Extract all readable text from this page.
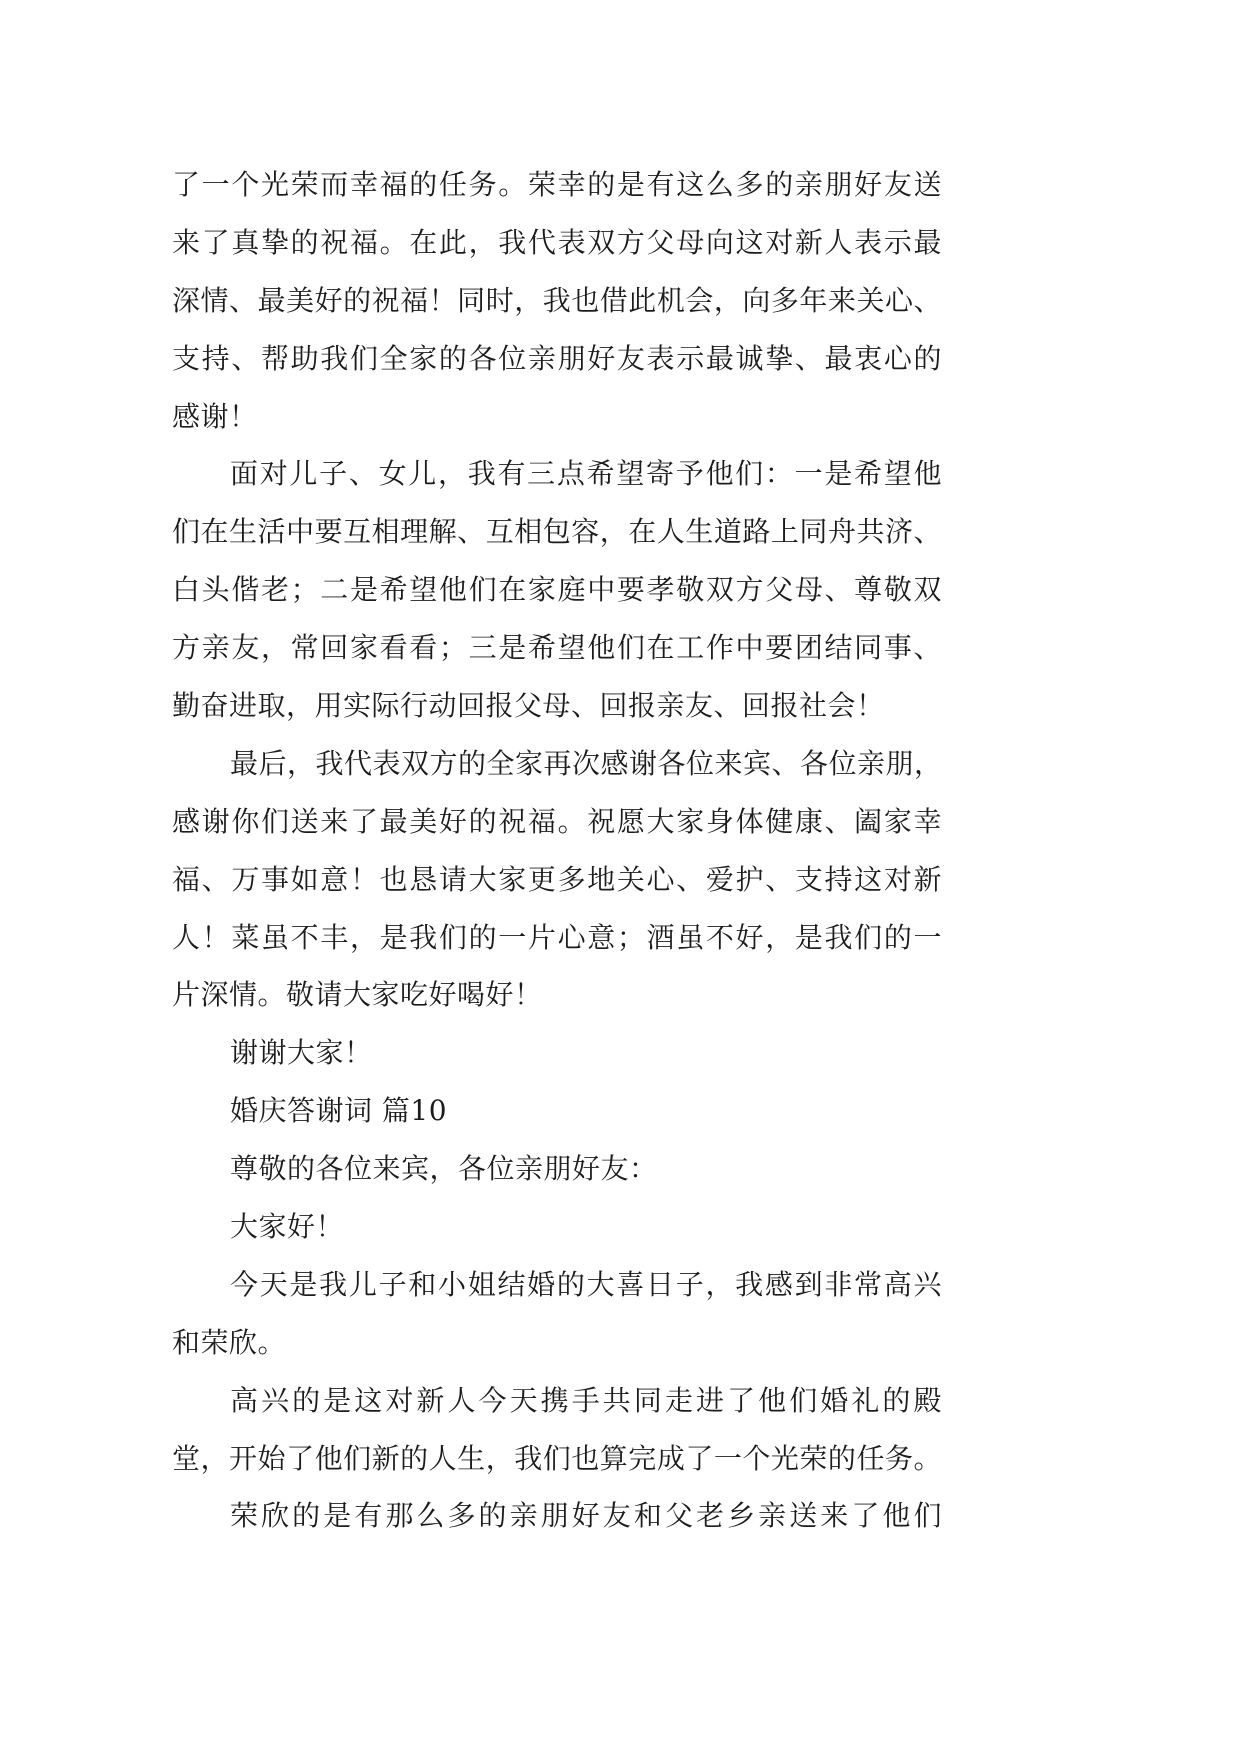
了一个光荣而幸福的任务。荣幸的是有这么多的亲朋好友送
来了真挚的祝福。在此，我代表双方父母向这对新人表示最
深情、最美好的祝福！同时，我也借此机会，向多年来关心、
支持、帮助我们全家的各位亲朋好友表示最诚挚、最衷心的
感谢！
面对儿子、女儿，我有三点希望寄予他们：一是希望他
们在生活中要互相理解、互相包容，在人生道路上同舟共济、
白头偕老；二是希望他们在家庭中要孝敬双方父母、尊敬双
方亲友，常回家看看；三是希望他们在工作中要团结同事、
勤奋进取，用实际行动回报父母、回报亲友、回报社会！
最后，我代表双方的全家再次感谢各位来宾、各位亲朋，
感谢你们送来了最美好的祝福。祝愿大家身体健康、阖家幸
福、万事如意！也恳请大家更多地关心、爱护、支持这对新
人！菜虽不丰，是我们的一片心意；酒虽不好，是我们的一
片深情。敬请大家吃好喝好！
谢谢大家！
婚庆答谢词 篇10
尊敬的各位来宾，各位亲朋好友：
大家好！
今天是我儿子和小姐结婚的大喜日子，我感到非常高兴
和荣欣。
高兴的是这对新人今天携手共同走进了他们婚礼的殿
堂，开始了他们新的人生，我们也算完成了一个光荣的任务。
荣欣的是有那么多的亲朋好友和父老乡亲送来了他们
